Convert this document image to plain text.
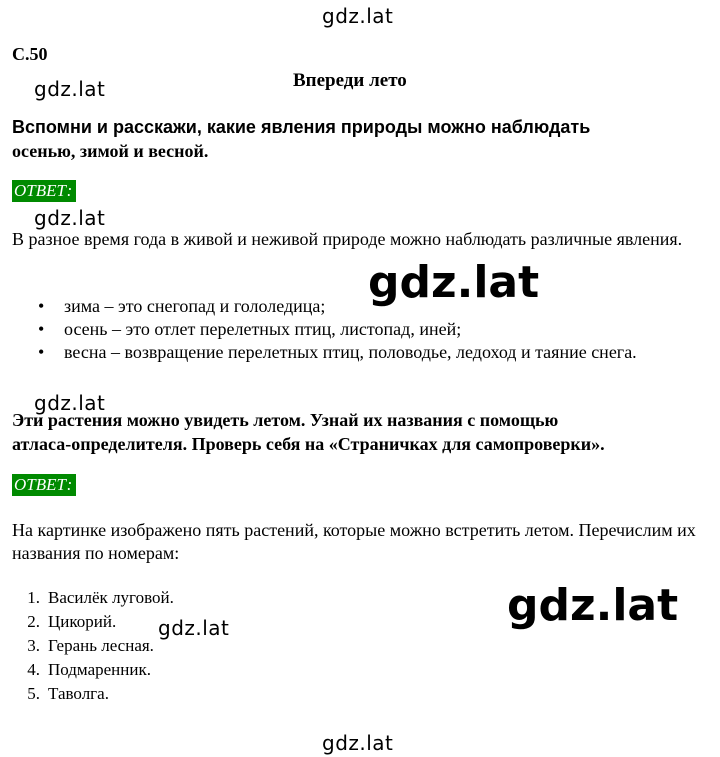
gdz.lat
gdz.lat
gdz.lat
gdz.lat
gdz.lat
gdz.lat
gdz.lat
gdz.lat
С.50
Впереди лето
Вспомни и расскажи, какие явления природы можно наблюдать
осенью, зимой и весной.
ОТВЕТ:
В разное время года в живой и неживой природе можно наблюдать различные явления.
• зима – это снегопад и гололедица;
• осень – это отлет перелетных птиц, листопад, иней;
• весна – возвращение перелетных птиц, половодье, ледоход и таяние снега.
Эти растения можно увидеть летом. Узнай их названия с помощью
атласа-определителя. Проверь себя на «Страничках для самопроверки».
ОТВЕТ:
На картинке изображено пять растений, которые можно встретить летом. Перечислим их названия по номерам:
1. Василёк луговой.
2. Цикорий.
3. Герань лесная.
4. Подмаренник.
5. Таволга.
